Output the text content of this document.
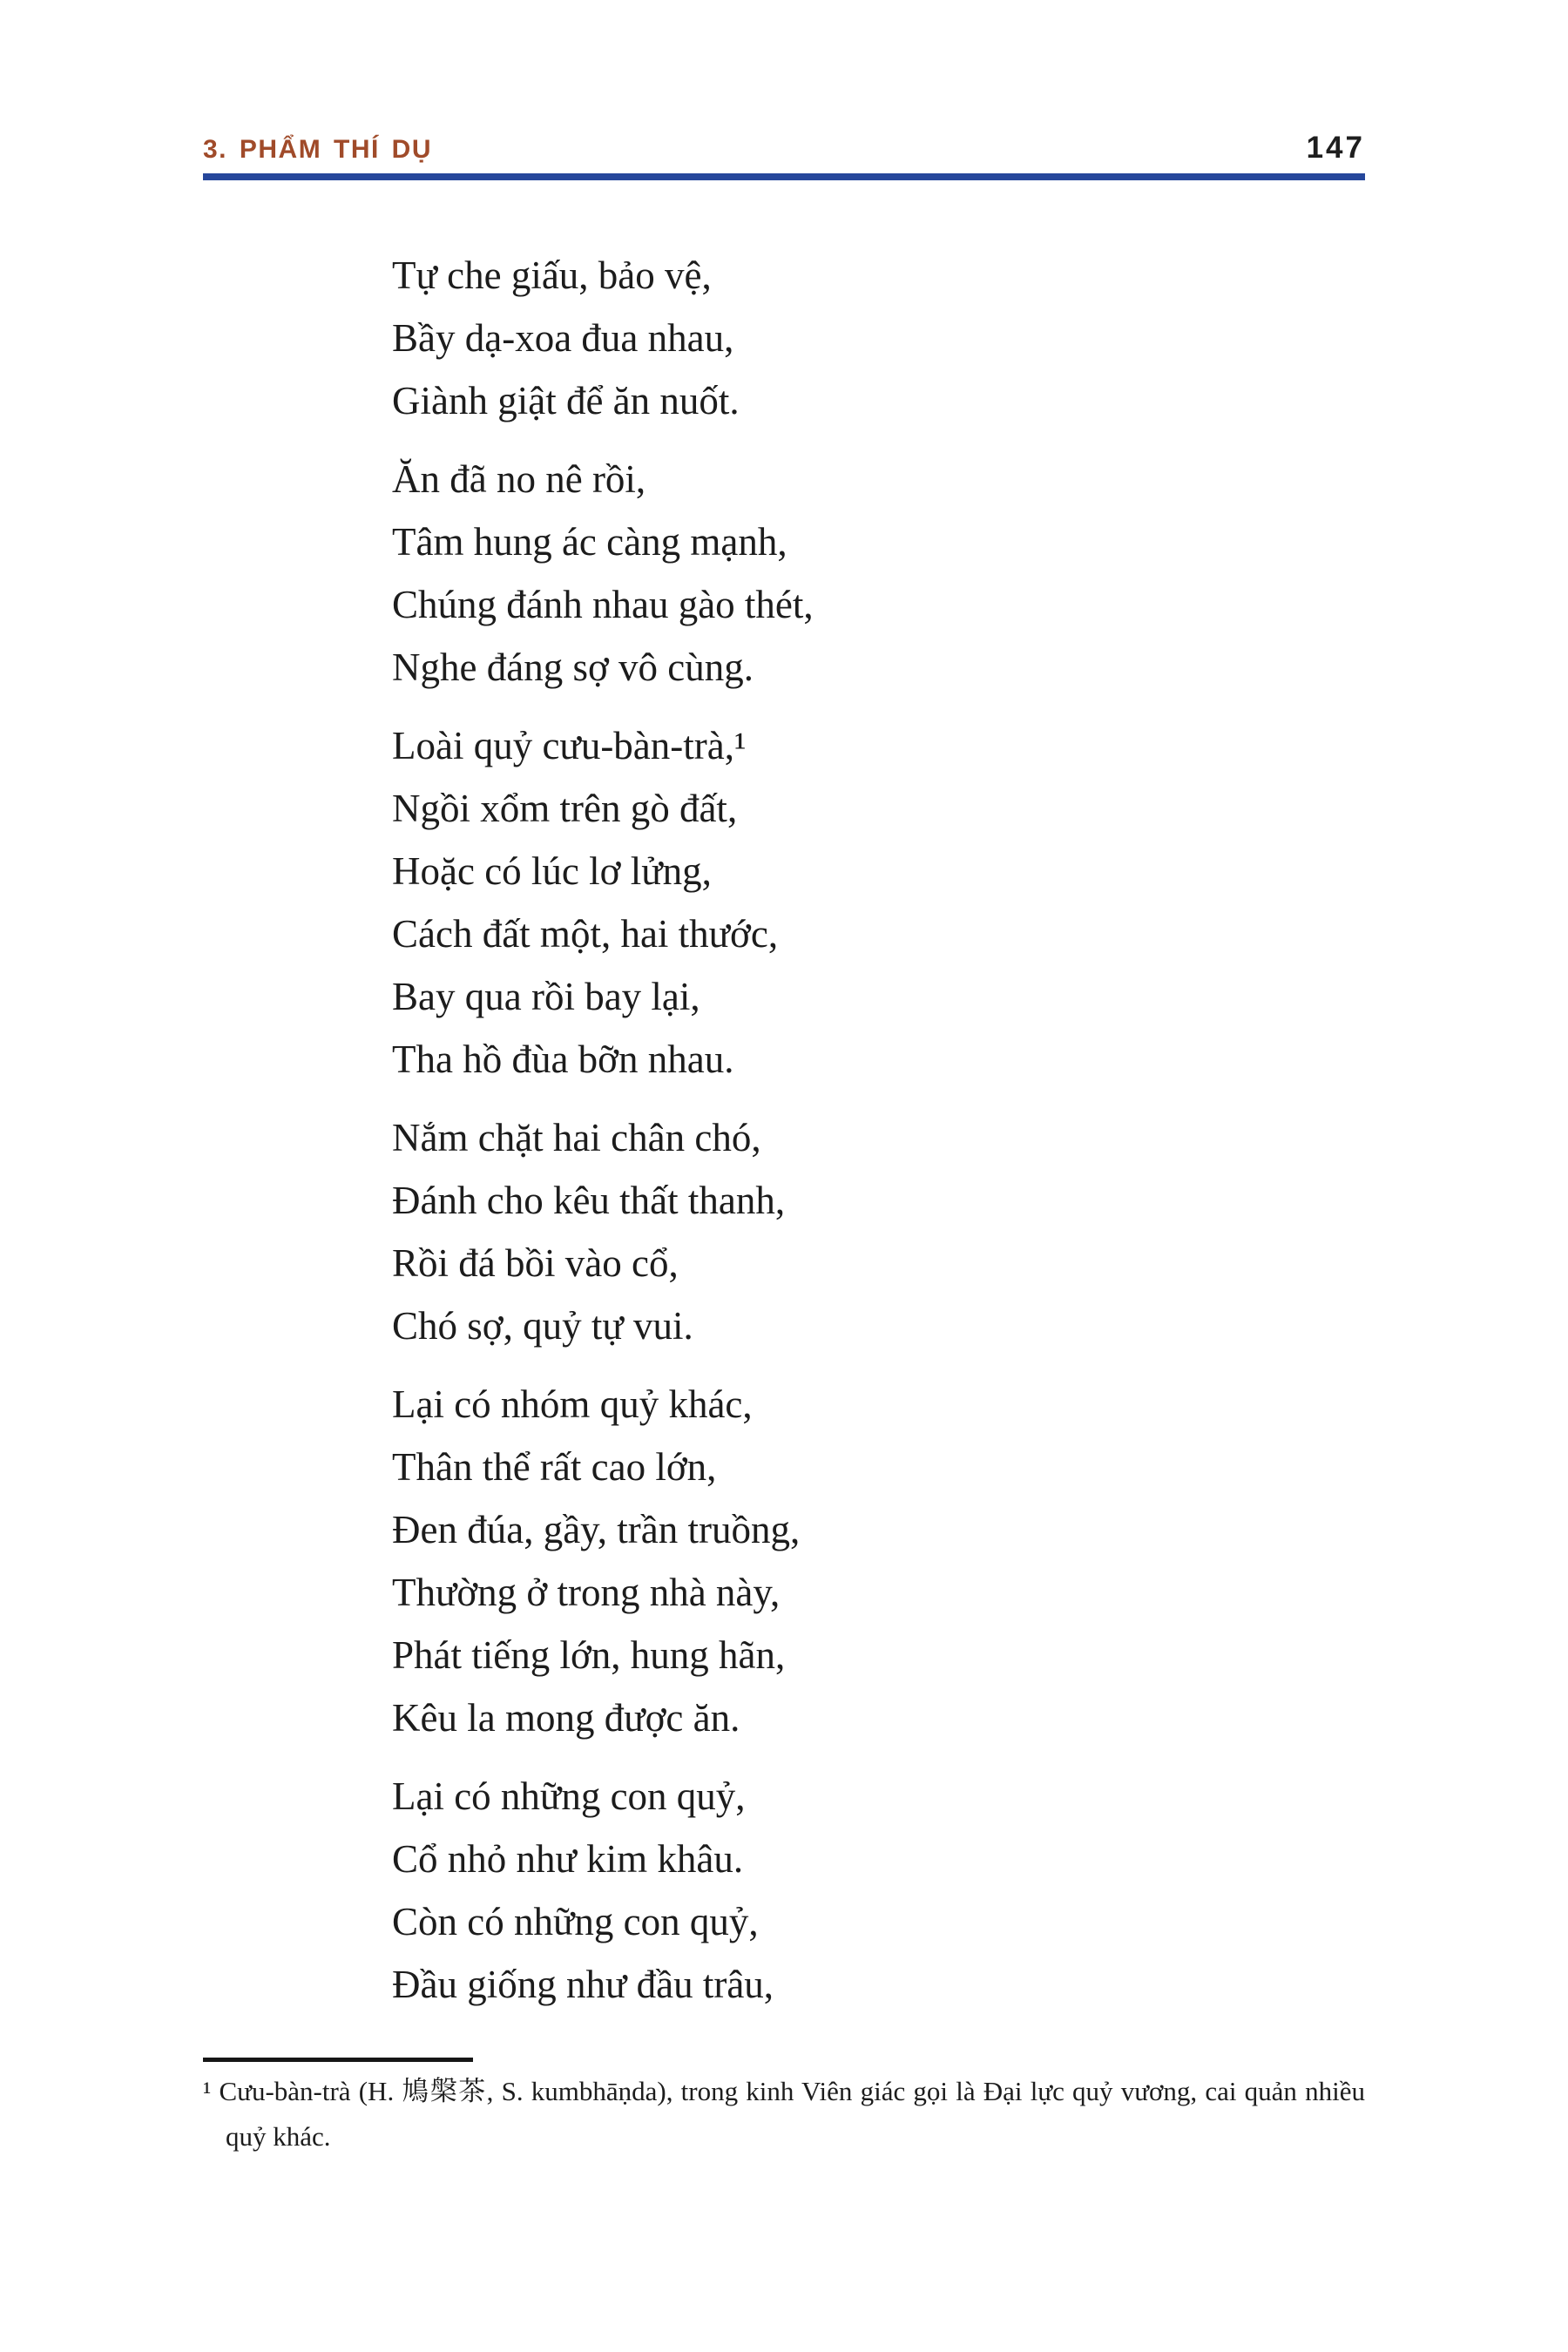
3. PHẨM THÍ DỤ	147

Tự che giấu, bảo vệ,

Bầy dạ-xoa đua nhau,

Giành giật để ăn nuốt.

Ăn đã no nê rồi,

Tâm hung ác càng mạnh,

Chúng đánh nhau gào thét,

Nghe đáng sợ vô cùng.

Loài quỷ cưu-bàn-trà,¹

Ngồi xổm trên gò đất,

Hoặc có lúc lơ lửng,

Cách đất một, hai thước,

Bay qua rồi bay lại,

Tha hồ đùa bỡn nhau.

Nắm chặt hai chân chó,

Đánh cho kêu thất thanh,

Rồi đá bồi vào cổ,

Chó sợ, quỷ tự vui.

Lại có nhóm quỷ khác,

Thân thể rất cao lớn,

Đen đúa, gầy, trần truồng,

Thường ở trong nhà này,

Phát tiếng lớn, hung hãn,

Kêu la mong được ăn.

Lại có những con quỷ,

Cổ nhỏ như kim khâu.

Còn có những con quỷ,

Đầu giống như đầu trâu,

¹ Cưu-bàn-trà (H. 鳩槃茶, S. kumbhāṇda), trong kinh Viên giác gọi là Đại lực quỷ vương, cai quản nhiều quỷ khác.
